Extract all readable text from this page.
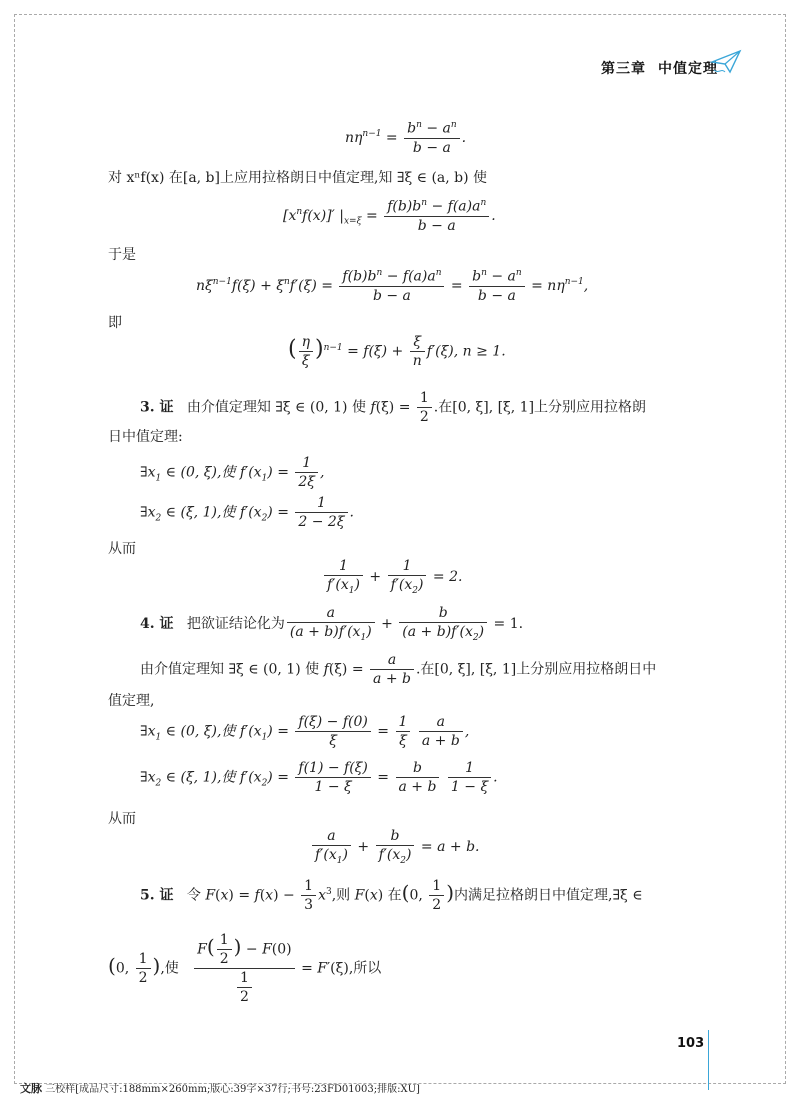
第三章 中值定理
$n\eta^{n-1} = \frac{b^n - a^n}{b - a}$ .
对 xⁿf(x) 在[a, b]上应用拉格朗日中值定理,知 ∃ξ ∈ (a, b) 使
$[x^nf(x)]'$ $|_{x=\xi} = \frac{f(b)b^n - f(a)a^n}{b - a}$ .
于是
$n\xi^{n-1}f(\xi) + \xi^nf'(\xi) = \frac{f(b)b^n - f(a)a^n}{b - a} = \frac{b^n - a^n}{b - a} = n\eta^{n-1}$,
即
( $\frac{\eta}{\xi} )^{n-1} = f(\xi) + \frac{\xi}{n} f'(\xi)$, n ≥ 1.
3. 证   由介值定理知 ∃ξ ∈ (0, 1) 使 $f(\xi) = \frac{1}{2}$ .在[0, ξ], [ξ, 1]上分别应用拉格朗
日中值定理:
$\exists x_1$ ∈ (0, ξ),使 $f'(x_1) = \frac{1}{2\xi}$ ,
$\exists x_2$ ∈ (ξ, 1),使 $f'(x_2) = \frac{1}{2 - 2\xi}$ .
从而
$\frac{1}{f'(x_1)} + \frac{1}{f'(x_2)} = 2$.
4. 证   把欲证结论化为 $\frac{a}{(a + b)f'(x_1)} + \frac{b}{(a + b)f'(x_2)} = 1$.
由介值定理知 ∃ξ ∈ (0, 1) 使 $f(\xi) = \frac{a}{a + b}$ .在[0, ξ], [ξ, 1]上分别应用拉格朗日中
值定理,
$\exists x_1$ ∈ (0, ξ),使 $f'(x_1) = \frac{f(\xi) - f(0)}{\xi} = \frac{1}{\xi}$
$\frac{a}{a + b}$ ,
$\exists x_2$ ∈ (ξ, 1),使 $f'(x_2) = \frac{f(1) - f(\xi)}{1 - \xi} = \frac{b}{a + b}$
$\frac{1}{1 - \xi}$ .
从而
$\frac{a}{f'(x_1)} + \frac{b}{f'(x_2)} = a + b$.
5. 证   令 $F(x) = f(x) - \frac{1}{3} x^3$,则 F(x) 在(0, $\frac{1}{2}$ )内满足拉格朗日中值定理,∃ξ ∈
(0, $\frac{1}{2}$ ),使 $\frac{F( \frac{1}{2} ) - F(0)}{\frac{1}{2}} = F'(\xi)$,所以
103
文脉 三校样[成品尺寸:188mm×260mm;版心:39字×37行;书号:23FD01003;排版:XU]
